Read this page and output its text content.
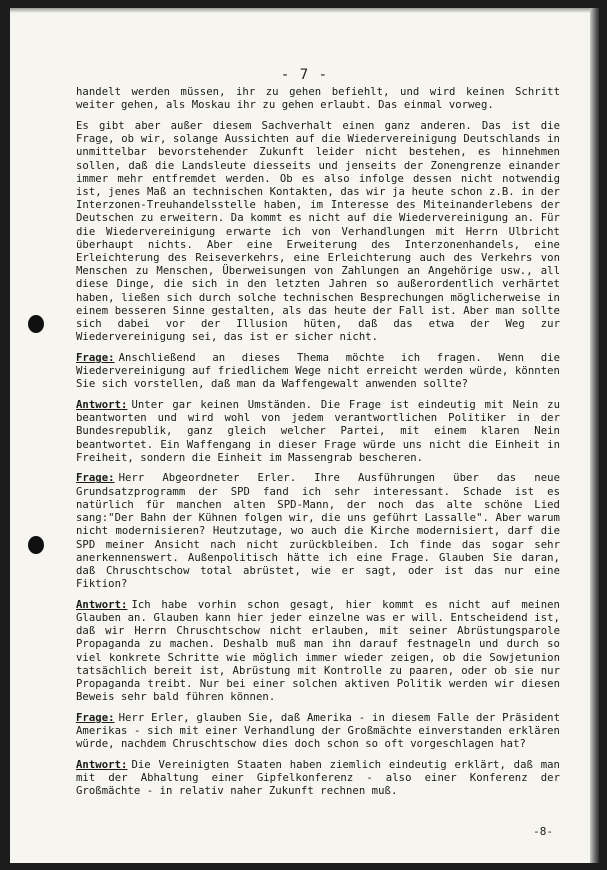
- 7 -
handelt werden müssen, ihr zu gehen befiehlt, und wird keinen Schritt weiter gehen, als Moskau ihr zu gehen erlaubt. Das einmal vorweg.
Es gibt aber außer diesem Sachverhalt einen ganz anderen. Das ist die Frage, ob wir, solange Aussichten auf die Wiedervereinigung Deutschlands in unmittelbar bevorstehender Zukunft leider nicht bestehen, es hinnehmen sollen, daß die Landsleute diesseits und jenseits der Zonengrenze einander immer mehr entfremdet werden. Ob es also infolge dessen nicht notwendig ist, jenes Maß an technischen Kontakten, das wir ja heute schon z.B. in der Interzonen-Treuhandelsstelle haben, im Interesse des Miteinanderlebens der Deutschen zu erweitern. Da kommt es nicht auf die Wiedervereinigung an. Für die Wiedervereinigung erwarte ich von Verhandlungen mit Herrn Ulbricht überhaupt nichts. Aber eine Erweiterung des Interzonenhandels, eine Erleichterung des Reiseverkehrs, eine Erleichterung auch des Verkehrs von Menschen zu Menschen, Überweisungen von Zahlungen an Angehörige usw., all diese Dinge, die sich in den letzten Jahren so außerordentlich verhärtet haben, ließen sich durch solche technischen Besprechungen möglicherweise in einem besseren Sinne gestalten, als das heute der Fall ist. Aber man sollte sich dabei vor der Illusion hüten, daß das etwa der Weg zur Wiedervereinigung sei, das ist er sicher nicht.
Frage: Anschließend an dieses Thema möchte ich fragen. Wenn die Wiedervereinigung auf friedlichem Wege nicht erreicht werden würde, könnten Sie sich vorstellen, daß man da Waffengewalt anwenden sollte?
Antwort: Unter gar keinen Umständen. Die Frage ist eindeutig mit Nein zu beantworten und wird wohl von jedem verantwortlichen Politiker in der Bundesrepublik, ganz gleich welcher Partei, mit einem klaren Nein beantwortet. Ein Waffengang in dieser Frage würde uns nicht die Einheit in Freiheit, sondern die Einheit im Massengrab bescheren.
Frage: Herr Abgeordneter Erler. Ihre Ausführungen über das neue Grundsatzprogramm der SPD fand ich sehr interessant. Schade ist es natürlich für manchen alten SPD-Mann, der noch das alte schöne Lied sang:"Der Bahn der Kühnen folgen wir, die uns geführt Lassalle". Aber warum nicht modernisieren? Heutzutage, wo auch die Kirche modernisiert, darf die SPD meiner Ansicht nach nicht zurückbleiben. Ich finde das sogar sehr anerkennenswert. Außenpolitisch hätte ich eine Frage. Glauben Sie daran, daß Chruschtschow total abrüstet, wie er sagt, oder ist das nur eine Fiktion?
Antwort: Ich habe vorhin schon gesagt, hier kommt es nicht auf meinen Glauben an. Glauben kann hier jeder einzelne was er will. Entscheidend ist, daß wir Herrn Chruschtschow nicht erlauben, mit seiner Abrüstungsparole Propaganda zu machen. Deshalb muß man ihn darauf festnageln und durch so viel konkrete Schritte wie möglich immer wieder zeigen, ob die Sowjetunion tatsächlich bereit ist, Abrüstung mit Kontrolle zu paaren, oder ob sie nur Propaganda treibt. Nur bei einer solchen aktiven Politik werden wir diesen Beweis sehr bald führen können.
Frage: Herr Erler, glauben Sie, daß Amerika - in diesem Falle der Präsident Amerikas - sich mit einer Verhandlung der Großmächte einverstanden erklären würde, nachdem Chruschtschow dies doch schon so oft vorgeschlagen hat?
Antwort: Die Vereinigten Staaten haben ziemlich eindeutig erklärt, daß man mit der Abhaltung einer Gipfelkonferenz - also einer Konferenz der Großmächte - in relativ naher Zukunft rechnen muß.
-8-
